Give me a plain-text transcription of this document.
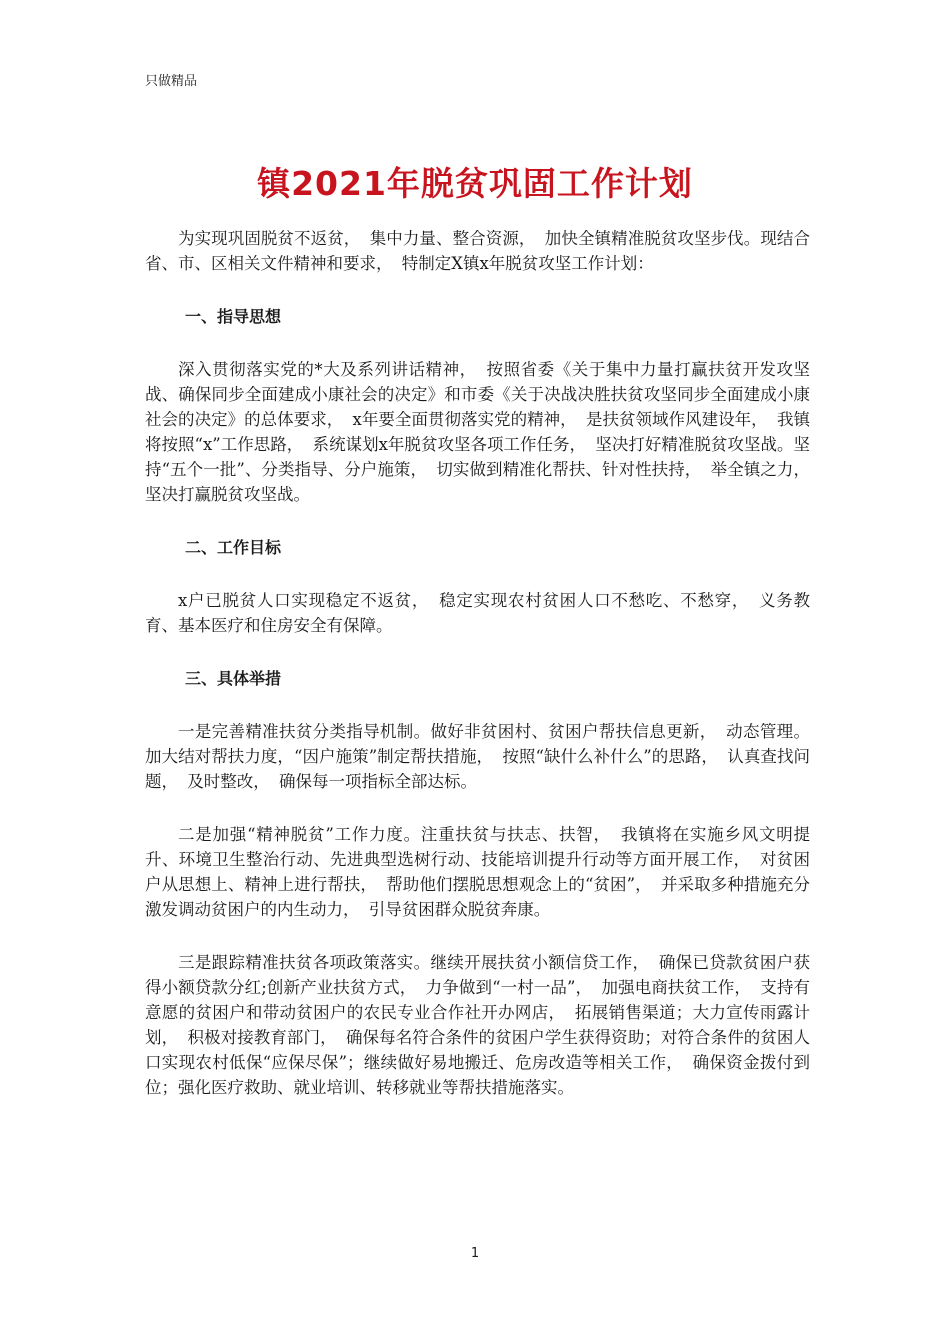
只做精品
镇2021年脱贫巩固工作计划

为实现巩固脱贫不返贫， 集中力量、整合资源， 加快全镇精准脱贫攻坚步伐。现结合省、市、区相关文件精神和要求， 特制定X镇x年脱贫攻坚工作计划：

一、指导思想

深入贯彻落实党的*大及系列讲话精神， 按照省委《关于集中力量打赢扶贫开发攻坚战、确保同步全面建成小康社会的决定》和市委《关于决战决胜扶贫攻坚同步全面建成小康社会的决定》的总体要求， x年要全面贯彻落实党的精神， 是扶贫领域作风建设年， 我镇将按照“x”工作思路， 系统谋划x年脱贫攻坚各项工作任务， 坚决打好精准脱贫攻坚战。坚持“五个一批”、分类指导、分户施策， 切实做到精准化帮扶、针对性扶持， 举全镇之力， 坚决打赢脱贫攻坚战。

二、工作目标

x户已脱贫人口实现稳定不返贫， 稳定实现农村贫困人口不愁吃、不愁穿， 义务教育、基本医疗和住房安全有保障。

三、具体举措

一是完善精准扶贫分类指导机制。做好非贫困村、贫困户帮扶信息更新， 动态管理。加大结对帮扶力度，“因户施策”制定帮扶措施， 按照“缺什么补什么”的思路， 认真查找问题， 及时整改， 确保每一项指标全部达标。

二是加强“精神脱贫”工作力度。注重扶贫与扶志、扶智， 我镇将在实施乡风文明提升、环境卫生整治行动、先进典型选树行动、技能培训提升行动等方面开展工作， 对贫困户从思想上、精神上进行帮扶， 帮助他们摆脱思想观念上的“贫困”， 并采取多种措施充分激发调动贫困户的内生动力， 引导贫困群众脱贫奔康。

三是跟踪精准扶贫各项政策落实。继续开展扶贫小额信贷工作， 确保已贷款贫困户获得小额贷款分红;创新产业扶贫方式， 力争做到“一村一品”， 加强电商扶贫工作， 支持有意愿的贫困户和带动贫困户的农民专业合作社开办网店， 拓展销售渠道；大力宣传雨露计划， 积极对接教育部门， 确保每名符合条件的贫困户学生获得资助；对符合条件的贫困人口实现农村低保“应保尽保”；继续做好易地搬迁、危房改造等相关工作， 确保资金拨付到位；强化医疗救助、就业培训、转移就业等帮扶措施落实。

1
